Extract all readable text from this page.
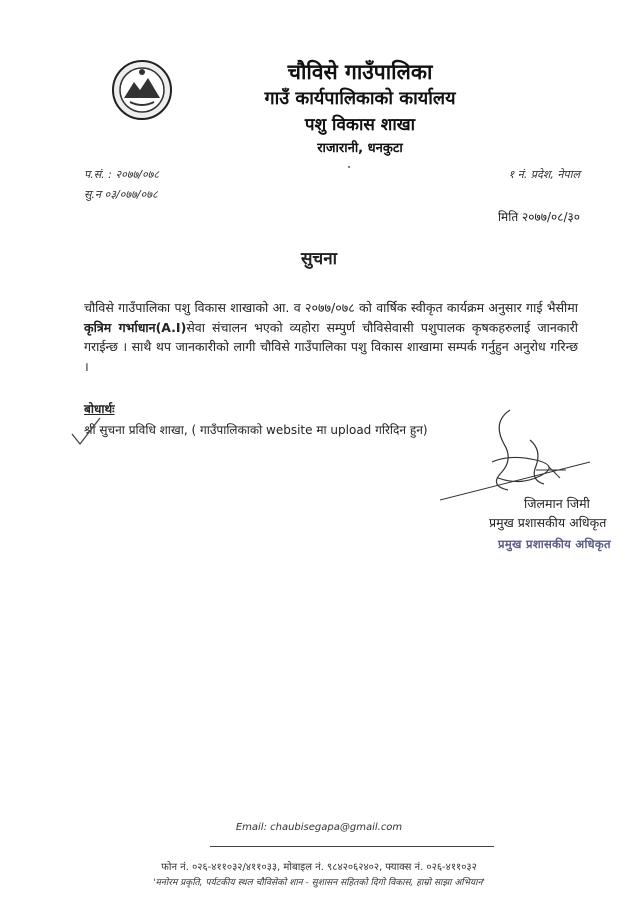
चौविसे गाउँपालिका
गाउँ कार्यपालिकाको कार्यालय
पशु विकास शाखा
राजारानी, धनकुटा
प.सं. : २०७७/०७८
सु.न ०३/०७७/०७८
१ नं. प्रदेश, नेपाल
मिति २०७७/०८/३०
सुचना
चौविसे गाउँपालिका पशु विकास शाखाको आ. व २०७७/०७८ को वार्षिक स्वीकृत कार्यक्रम अनुसार गाई भैसीमा कृत्रिम गर्भाधान(A.I)सेवा संचालन भएको व्यहोरा सम्पुर्ण चौविसेवासी पशुपालक कृषकहरुलाई जानकारी गराईन्छ । साथै थप जानकारीको लागी चौविसे गाउँपालिका पशु विकास शाखामा सम्पर्क गर्नुहुन अनुरोध गरिन्छ ।
बोधार्थः
श्री सुचना प्रविधि शाखा, ( गाउँपालिकाको website मा upload गरिदिन हुन)
जिलमान जिमी
प्रमुख प्रशासकीय अधिकृत
प्रमुख प्रशासकीय अधिकृत
Email: chaubisegapa@gmail.com
फोन नं. ०२६-४११०३२/४११०३३, मोबाइल नं. ९८४२०६२४०२, फ्याक्स नं. ०२६-४११०३२
'मनोरम प्रकृति, पर्यटकीय स्थल चौविसेको शान - सुशासन सहितको दिगो विकास, हाम्रो साझा अभियान'
